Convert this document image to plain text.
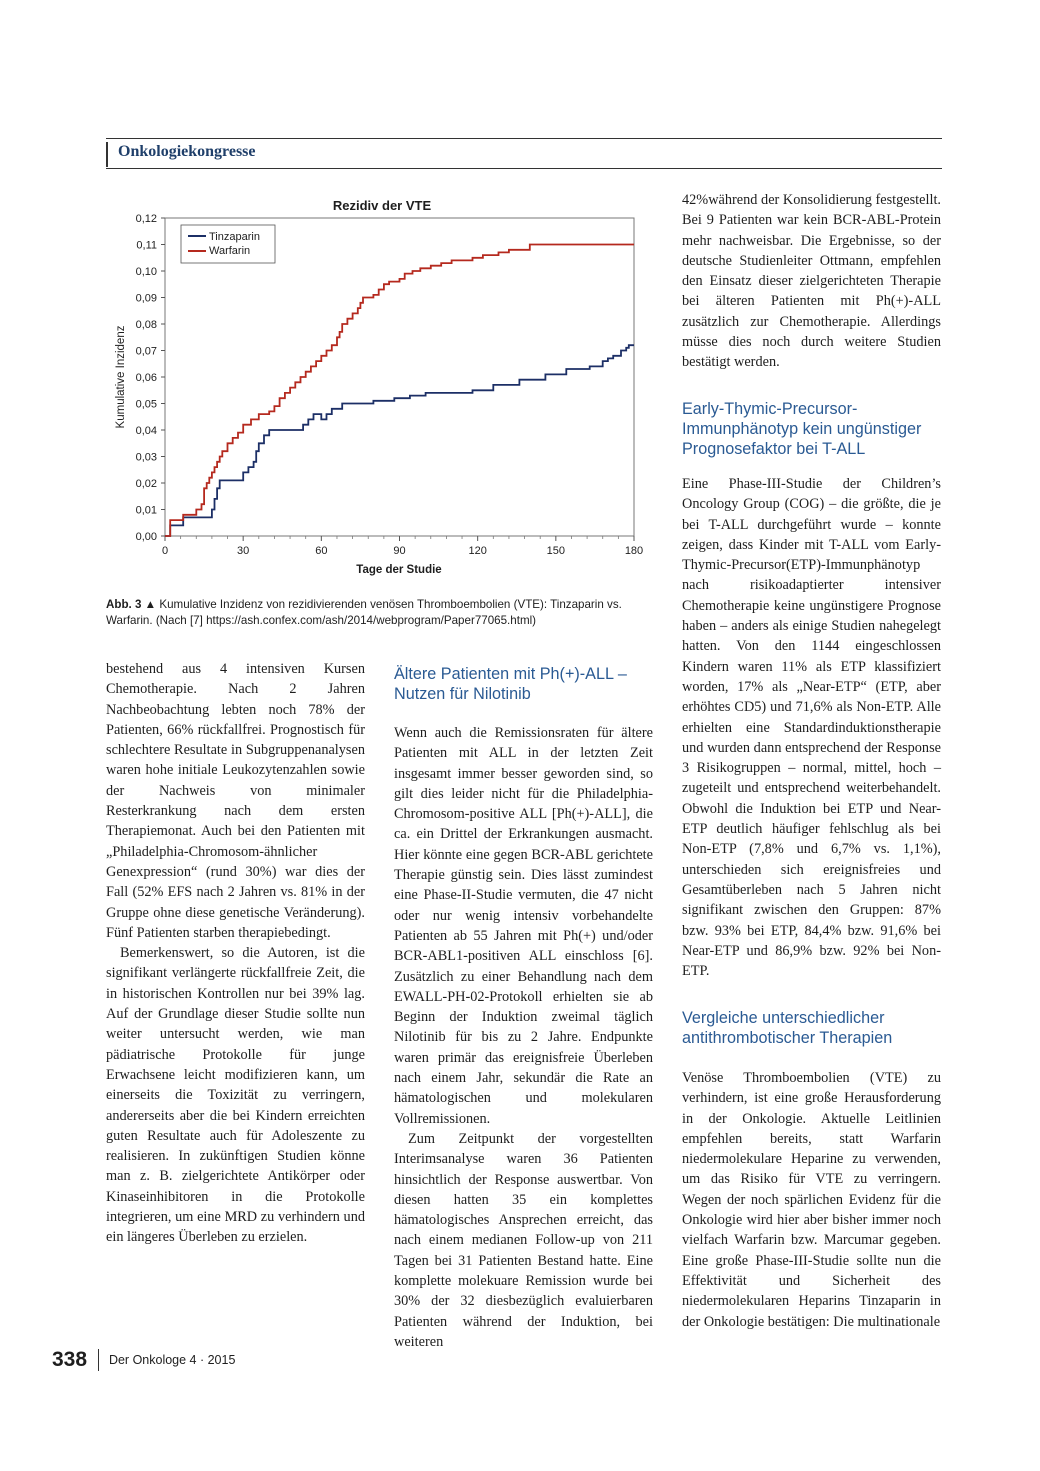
Onkologiekongresse
Rezidiv der VTE
0,00
0,01
0,02
0,03
0,04
0,05
0,06
0,07
0,08
0,09
0,10
0,11
0,12
0	30	60	90	120	150	180
Kumulative Inzidenz
Tage der Studie
Tinzaparin
Warfarin
Abb. 3 ▲ Kumulative Inzidenz von rezidivierenden venösen Thromboembolien (VTE): Tinzaparin vs. Warfarin. (Nach [7] https://ash.confex.com/ash/2014/webprogram/Paper77065.html)

bestehend aus 4 intensiven Kursen Chemotherapie. Nach 2 Jahren Nachbeobachtung lebten noch 78% der Patienten, 66% rückfallfrei. Prognostisch für schlechtere Resultate in Subgruppenanalysen waren hohe initiale Leukozytenzahlen sowie der Nachweis von minimaler Resterkrankung nach dem ersten Therapiemonat. Auch bei den Patienten mit „Philadelphia-Chromosom-ähnlicher Genexpression“ (rund 30%) war dies der Fall (52% EFS nach 2 Jahren vs. 81% in der Gruppe ohne diese genetische Veränderung). Fünf Patienten starben therapiebedingt.

Bemerkenswert, so die Autoren, ist die signifikant verlängerte rückfallfreie Zeit, die in historischen Kontrollen nur bei 39% lag. Auf der Grundlage dieser Studie sollte nun weiter untersucht werden, wie man pädiatrische Protokolle für junge Erwachsene leicht modifizieren kann, um einerseits die Toxizität zu verringern, andererseits aber die bei Kindern erreichten guten Resultate auch für Adoleszente zu realisieren. In zukünftigen Studien könne man z. B. zielgerichtete Antikörper oder Kinaseinhibitoren in die Protokolle integrieren, um eine MRD zu verhindern und ein längeres Überleben zu erzielen.

Ältere Patienten mit Ph(+)-ALL – Nutzen für Nilotinib

Wenn auch die Remissionsraten für ältere Patienten mit ALL in der letzten Zeit insgesamt immer besser geworden sind, so gilt dies leider nicht für die Philadelphia-Chromosom-positive ALL [Ph(+)-ALL], die ca. ein Drittel der Erkrankungen ausmacht. Hier könnte eine gegen BCR-ABL gerichtete Therapie günstig sein. Dies lässt zumindest eine Phase-II-Studie vermuten, die 47 nicht oder nur wenig intensiv vorbehandelte Patienten ab 55 Jahren mit Ph(+) und/oder BCR-ABL1-positiven ALL einschloss [6]. Zusätzlich zu einer Behandlung nach dem EWALL-PH-02-Protokoll erhielten sie ab Beginn der Induktion zweimal täglich Nilotinib für bis zu 2 Jahre. Endpunkte waren primär das ereignisfreie Überleben nach einem Jahr, sekundär die Rate an hämatologischen und molekularen Vollremissionen.

Zum Zeitpunkt der vorgestellten Interimsanalyse waren 36 Patienten hinsichtlich der Response auswertbar. Von diesen hatten 35 ein komplettes hämatologisches Ansprechen erreicht, das nach einem medianen Follow-up von 211 Tagen bei 31 Patienten Bestand hatte. Eine komplette molekuare Remission wurde bei 30% der 32 diesbezüglich evaluierbaren Patienten während der Induktion, bei weiteren

42%während der Konsolidierung festgestellt. Bei 9 Patienten war kein BCR-ABL-Protein mehr nachweisbar. Die Ergebnisse, so der deutsche Studienleiter Ottmann, empfehlen den Einsatz dieser zielgerichteten Therapie bei älteren Patienten mit Ph(+)-ALL zusätzlich zur Chemotherapie. Allerdings müsse dies noch durch weitere Studien bestätigt werden.

Early-Thymic-Precursor-Immunphänotyp kein ungünstiger Prognosefaktor bei T-ALL

Eine Phase-III-Studie der Children’s Oncology Group (COG) – die größte, die je bei T-ALL durchgeführt wurde – konnte zeigen, dass Kinder mit T-ALL vom Early-Thymic-Precursor(ETP)-Immunphänotyp nach risikoadaptierter intensiver Chemotherapie keine ungünstigere Prognose haben – anders als einige Studien nahegelegt hatten. Von den 1144 eingeschlossen Kindern waren 11% als ETP klassifiziert worden, 17% als „Near-ETP“ (ETP, aber erhöhtes CD5) und 71,6% als Non-ETP. Alle erhielten eine Standardinduktionstherapie und wurden dann entsprechend der Response 3 Risikogruppen – normal, mittel, hoch – zugeteilt und entsprechend weiterbehandelt. Obwohl die Induktion bei ETP und Near-ETP deutlich häufiger fehlschlug als bei Non-ETP (7,8% und 6,7% vs. 1,1%), unterschieden sich ereignisfreies und Gesamtüberleben nach 5 Jahren nicht signifikant zwischen den Gruppen: 87% bzw. 93% bei ETP, 84,4% bzw. 91,6% bei Near-ETP und 86,9% bzw. 92% bei Non-ETP.

Vergleiche unterschiedlicher antithrombotischer Therapien

Venöse Thromboembolien (VTE) zu verhindern, ist eine große Herausforderung in der Onkologie. Aktuelle Leitlinien empfehlen bereits, statt Warfarin niedermolekulare Heparine zu verwenden, um das Risiko für VTE zu verringern. Wegen der noch spärlichen Evidenz für die Onkologie wird hier aber bisher immer noch vielfach Warfarin bzw. Marcumar gegeben. Eine große Phase-III-Studie sollte nun die Effektivität und Sicherheit des niedermolekularen Heparins Tinzaparin in der Onkologie bestätigen: Die multinationale

338 Der Onkologe 4 · 2015
